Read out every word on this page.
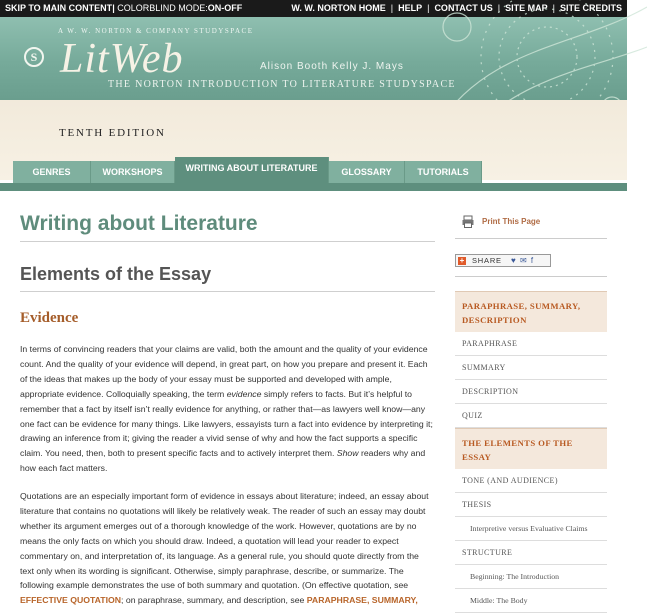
SKIP TO MAIN CONTENT| COLORBLIND MODE:ON-OFF	W. W. NORTON HOME | HELP | CONTACT US | SITE MAP | SITE CREDITS
A W. W. NORTON & COMPANY STUDYSPACE
S LitWeb	Alison Booth Kelly J. Mays
THE NORTON INTRODUCTION TO LITERATURE STUDYSPACE
TENTH EDITION
GENRES	WORKSHOPS	WRITING ABOUT LITERATURE	GLOSSARY	TUTORIALS
Writing about Literature
Elements of the Essay
Evidence

In terms of convincing readers that your claims are valid, both the amount and the quality of your evidence count. And the quality of your evidence will depend, in great part, on how you prepare and present it. Each of the ideas that makes up the body of your essay must be supported and developed with ample, appropriate evidence. Colloquially speaking, the term evidence simply refers to facts. But it’s helpful to remember that a fact by itself isn’t really evidence for anything, or rather that—as lawyers well know—any one fact can be evidence for many things. Like lawyers, essayists turn a fact into evidence by interpreting it; drawing an inference from it; giving the reader a vivid sense of why and how the fact supports a specific claim. You need, then, both to present specific facts and to actively interpret them. Show readers why and how each fact matters.

Quotations are an especially important form of evidence in essays about literature; indeed, an essay about literature that contains no quotations will likely be relatively weak. The reader of such an essay may doubt whether its argument emerges out of a thorough knowledge of the work. However, quotations are by no means the only facts on which you should draw. Indeed, a quotation will lead your reader to expect commentary on, and interpretation of, its language. As a general rule, you should quote directly from the text only when its wording is significant. Otherwise, simply paraphrase, describe, or summarize. The following example demonstrates the use of both summary and quotation. (On effective quotation, see EFFECTIVE QUOTATION; on paraphrase, summary, and description, see PARAPHRASE, SUMMARY,

Print This Page
+ SHARE ♥ ✉ f
PARAPHRASE, SUMMARY, DESCRIPTION
PARAPHRASE
SUMMARY
DESCRIPTION
QUIZ
THE ELEMENTS OF THE ESSAY
TONE (AND AUDIENCE)
THESIS
Interpretive versus Evaluative Claims
STRUCTURE
Beginning: The Introduction
Middle: The Body
